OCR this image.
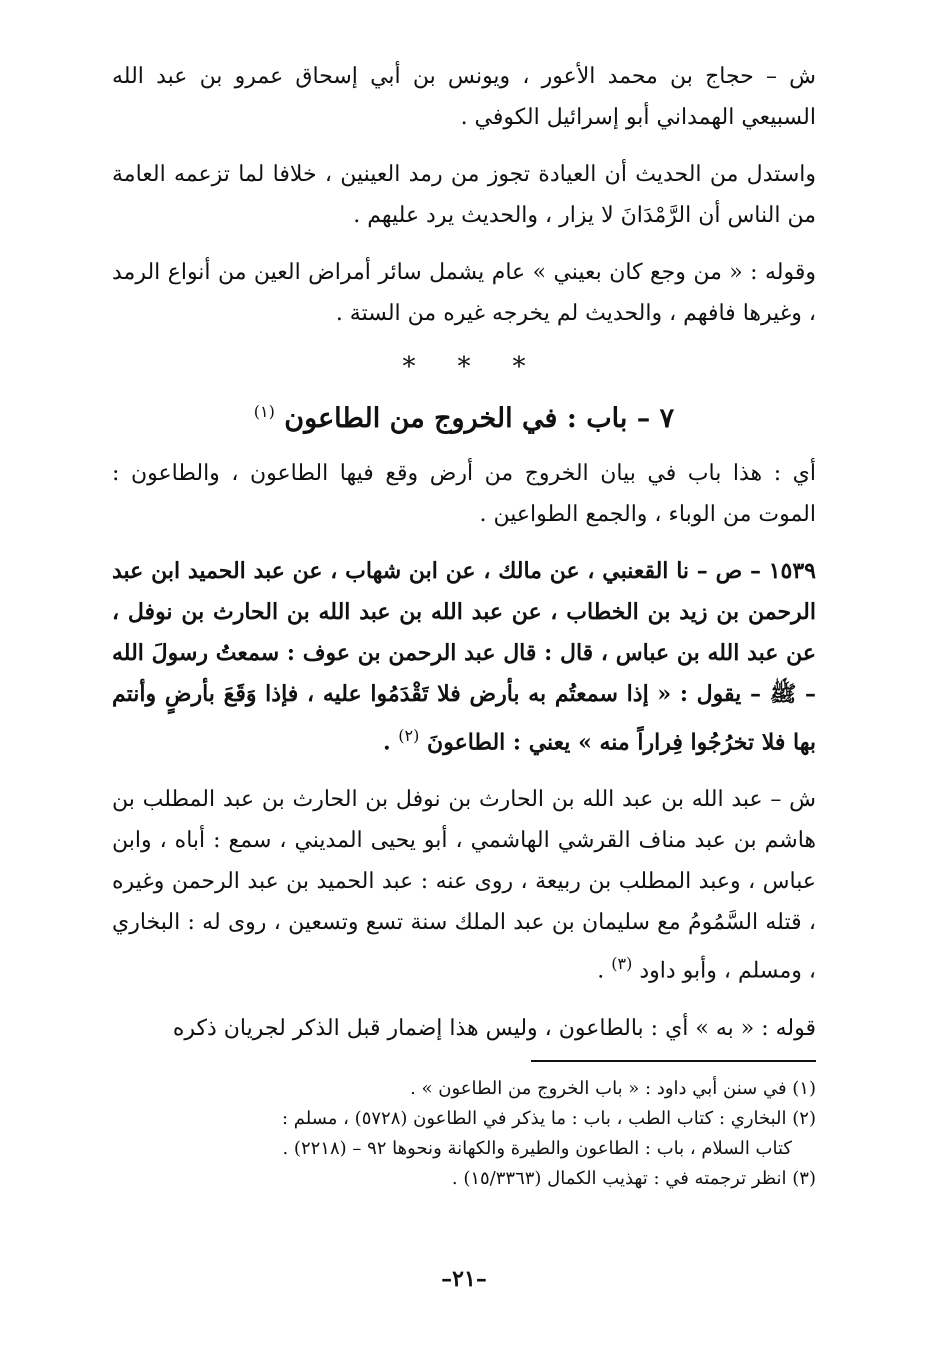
ش – حجاج بن محمد الأعور ، ويونس بن أبي إسحاق عمرو بن عبد الله السبيعي الهمداني أبو إسرائيل الكوفي .

واستدل من الحديث أن العيادة تجوز من رمد العينين ، خلافا لما تزعمه العامة من الناس أن الرَّمْدَانَ لا يزار ، والحديث يرد عليهم .

وقوله : « من وجع كان بعيني » عام يشمل سائر أمراض العين من أنواع الرمد ، وغيرها فافهم ، والحديث لم يخرجه غيره من الستة .

*
*
*
٧ – باب : في الخروج من الطاعون $^{(١)}$

أي : هذا باب في بيان الخروج من أرض وقع فيها الطاعون ، والطاعون : الموت من الوباء ، والجمع الطواعين .

١٥٣٩ – ص – نا القعنبي ، عن مالك ، عن ابن شهاب ، عن عبد الحميد ابن عبد الرحمن بن زيد بن الخطاب ، عن عبد الله بن عبد الله بن الحارث بن نوفل ، عن عبد الله بن عباس ، قال : قال عبد الرحمن بن عوف : سمعتُ رسولَ الله – ﷺ – يقول : « إذا سمعتُم به بأرض فلا تَقْدَمُوا عليه ، فإذا وَقَعَ بأرضٍ وأنتم بها فلا تخرُجُوا فِراراً منه » يعني : الطاعونَ $^{(٢)}$ .

ش – عبد الله بن عبد الله بن الحارث بن نوفل بن الحارث بن عبد المطلب بن هاشم بن عبد مناف القرشي الهاشمي ، أبو يحيى المديني ، سمع : أباه ، وابن عباس ، وعبد المطلب بن ربيعة ، روى عنه : عبد الحميد بن عبد الرحمن وغيره ، قتله السَّمُومُ مع سليمان بن عبد الملك سنة تسع وتسعين ، روى له : البخاري ، ومسلم ، وأبو داود $^{(٣)}$ .

قوله : « به » أي : بالطاعون ، وليس هذا إضمار قبل الذكر لجريان ذكره

(١) في سنن أبي داود : « باب الخروج من الطاعون » .

(٢) البخاري : كتاب الطب ، باب : ما يذكر في الطاعون (٥٧٢٨) ، مسلم :

كتاب السلام ، باب : الطاعون والطيرة والكهانة ونحوها ٩٢ – (٢٢١٨) .

(٣) انظر ترجمته في : تهذيب الكمال (١٥/٣٣٦٣) .

–٢١–
